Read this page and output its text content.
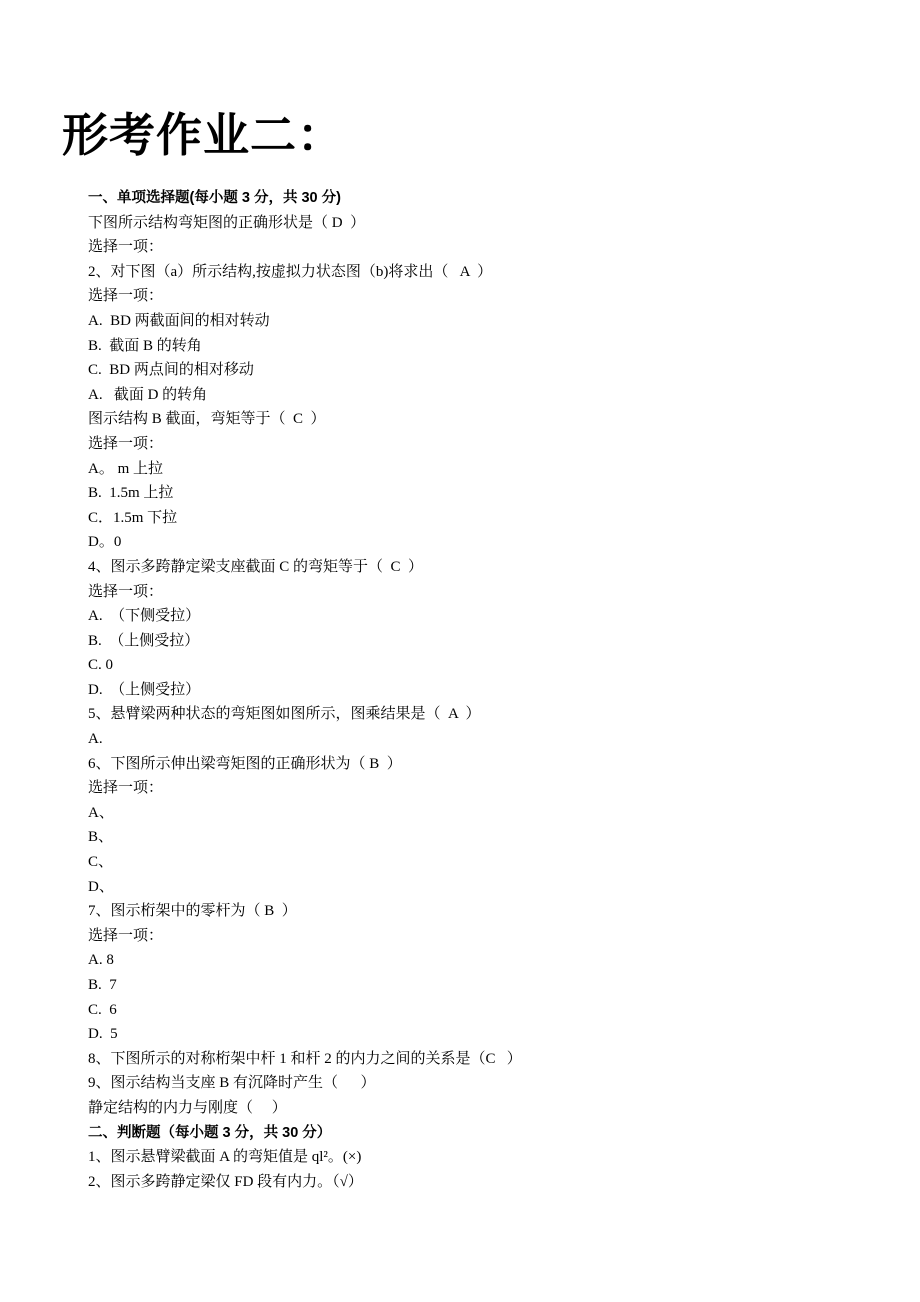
形考作业二：
一、单项选择题(每小题 3 分，共 30 分)
下图所示结构弯矩图的正确形状是（ D  ）
选择一项：
2、对下图（a）所示结构,按虚拟力状态图（b)将求出（   A  ）
选择一项：
A.  BD 两截面间的相对转动
B.  截面 B 的转角
C.  BD 两点间的相对移动
A.   截面 D 的转角
图示结构 B 截面，弯矩等于（  C  ）
选择一项：
A。 m 上拉
B.  1.5m 上拉
C．1.5m 下拉
D。0
4、图示多跨静定梁支座截面 C 的弯矩等于（  C  ）
选择一项：
A.  （下侧受拉）
B.  （上侧受拉）
C. 0
D.  （上侧受拉）
5、悬臂梁两种状态的弯矩图如图所示，图乘结果是（  A  ）
A.
6、下图所示伸出梁弯矩图的正确形状为（ B  ）
选择一项：
A、
B、
C、
D、
7、图示桁架中的零杆为（ B  ）
选择一项：
A. 8
B.  7
C.  6
D.  5
8、下图所示的对称桁架中杆 1 和杆 2 的内力之间的关系是（C   ）
9、图示结构当支座 B 有沉降时产生（      ）
静定结构的内力与刚度（     ）
二、判断题（每小题 3 分，共 30 分）
1、图示悬臂梁截面 A 的弯矩值是 ql²。(×)
2、图示多跨静定梁仅 FD 段有内力。（√）
